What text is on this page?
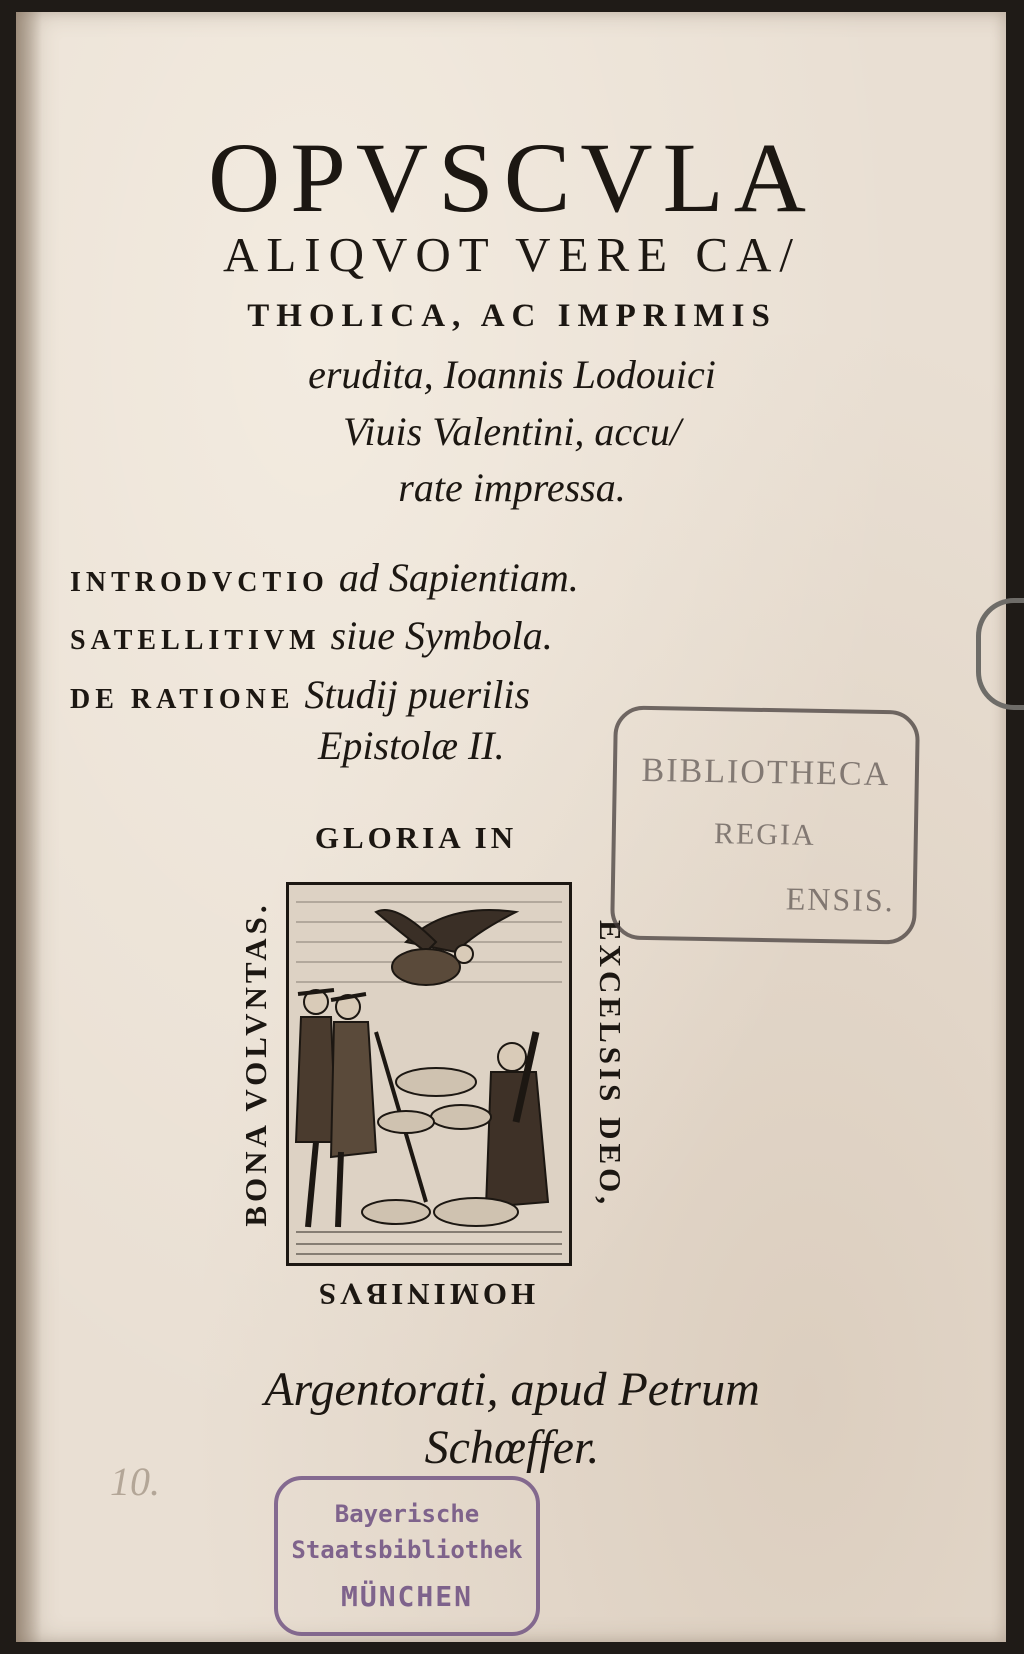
OPVSCVLA
ALIQVOT VERE CA/
THOLICA, AC IMPRIMIS
erudita, Ioannis Lodouici
Viuis Valentini, accu/
rate impressa.
INTRODVCTIO ad Sapientiam.
SATELLITIVM siue Symbola.
DE RATIONE Studij puerilis
Epistolæ II.
GLORIA IN
BONA VOLVNTAS.	EXCELSIS DEO,
HOMINIBVS
Argentorati, apud Petrum
Schœffer.
10.
BIBLIOTHECA
REGIA
ENSIS.
Bayerische
Staatsbibliothek
MÜNCHEN
